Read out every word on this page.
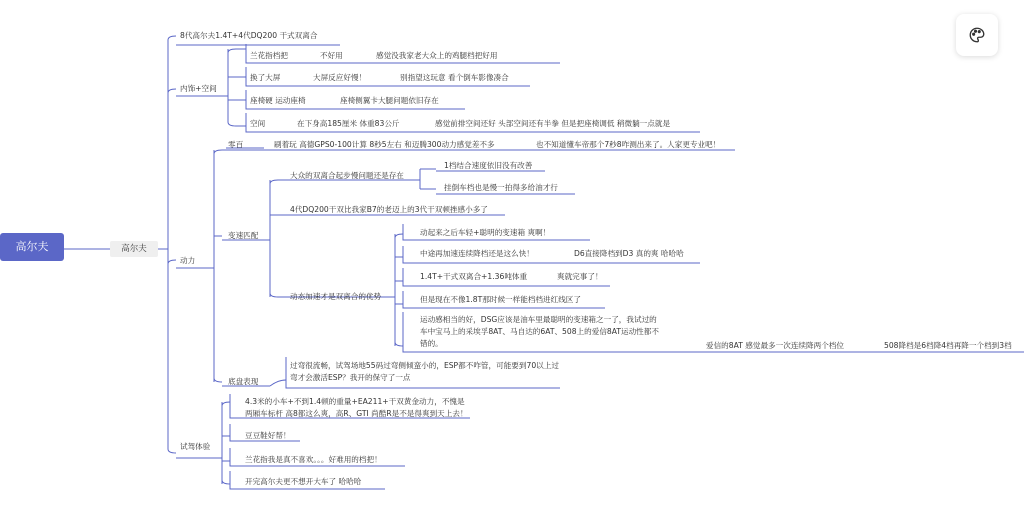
高尔夫	高尔夫
8代高尔夫1.4T+4代DQ200 干式双离合
内饰+空间
动力
试驾体验
兰花指档把	不好用	感觉没我家老大众上的鸡腿档把好用
换了大屏	大屏反应好慢！	别指望这玩意 看个倒车影像凑合
座椅硬 运动座椅	座椅侧翼卡大腿问题依旧存在
空间	在下身高185厘米 体重83公斤	感觉前排空间还好 头部空间还有半拳 但是把座椅调低 稍微躺一点就是
零百	刷着玩 高德GPS0-100计算 8秒5左右 和迈腾300动力感觉差不多	也不知道懂车帝那个7秒8咋测出来了。人家更专业吧！
变速匹配
大众的双离合起步慢问题还是存在
1档结合速度依旧没有改善
挂倒车档也是慢一拍得多给油才行
4代DQ200干双比我家B7的老迈上的3代干双顿挫感小多了
动态加速才是双离合的优势
动起来之后车轻+聪明的变速箱 爽啊！
中途再加速连续降档还是这么快！	D6直接降档到D3 真的爽 哈哈哈
1.4T+干式双离合+1.36吨体重	爽就完事了！
但是现在不像1.8T那时候一样能档档进红线区了
运动感相当的好，DSG应该是油车里最聪明的变速箱之一了，我试过的车中宝马上的采埃孚8AT、马自达的6AT、508上的爱信8AT运动性都不错的。	爱信的8AT 感觉最多一次连续降两个档位	508降档是6档降4档再降一个档到3档
底盘表现
过弯很流畅，试驾场地55码过弯侧倾蛮小的，ESP都不咋管，可能要到70以上过弯才会激活ESP？我开的保守了一点
4.3米的小车+不到1.4顿的重量+EA211+干双黄金动力，不愧是两厢车标杆 高8都这么爽，高R、GTI 尚酷R是不是得爽到天上去！
豆豆鞋好帮！
兰花指我是真不喜欢。。。好难用的档把！
开完高尔夫更不想开大车了 哈哈哈
